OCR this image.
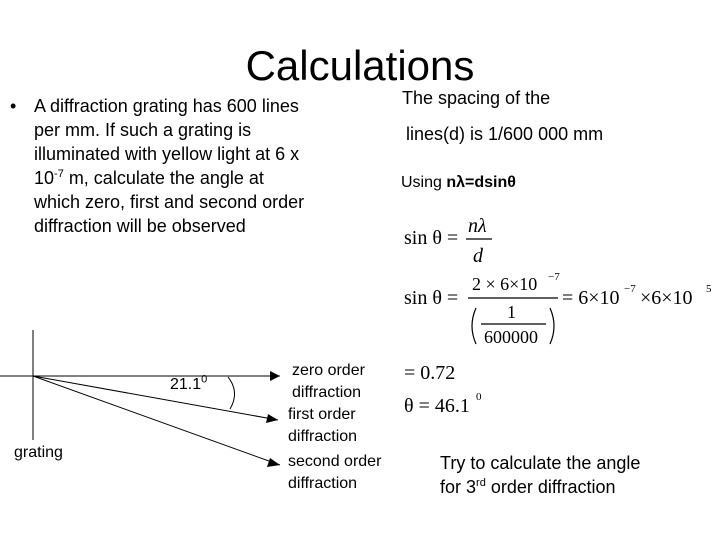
Calculations
• A diffraction grating has 600 lines per mm. If such a grating is illuminated with yellow light at 6 x $10^{-7}$ m, calculate the angle at which zero, first and second order diffraction will be observed
The spacing of the
lines(d) is 1/600 000 mm
Using nλ=dsinθ
sin θ =
nλ
d
sin θ =
2 × 6×10 −7
1
600000
= 6×10 −7 ×6×10 5
= 0.72
θ = 46.1 0
21.1$^0$
grating
zero order
diffraction
first order
diffraction
second order
diffraction
Try to calculate the angle
for 3rd order diffraction
